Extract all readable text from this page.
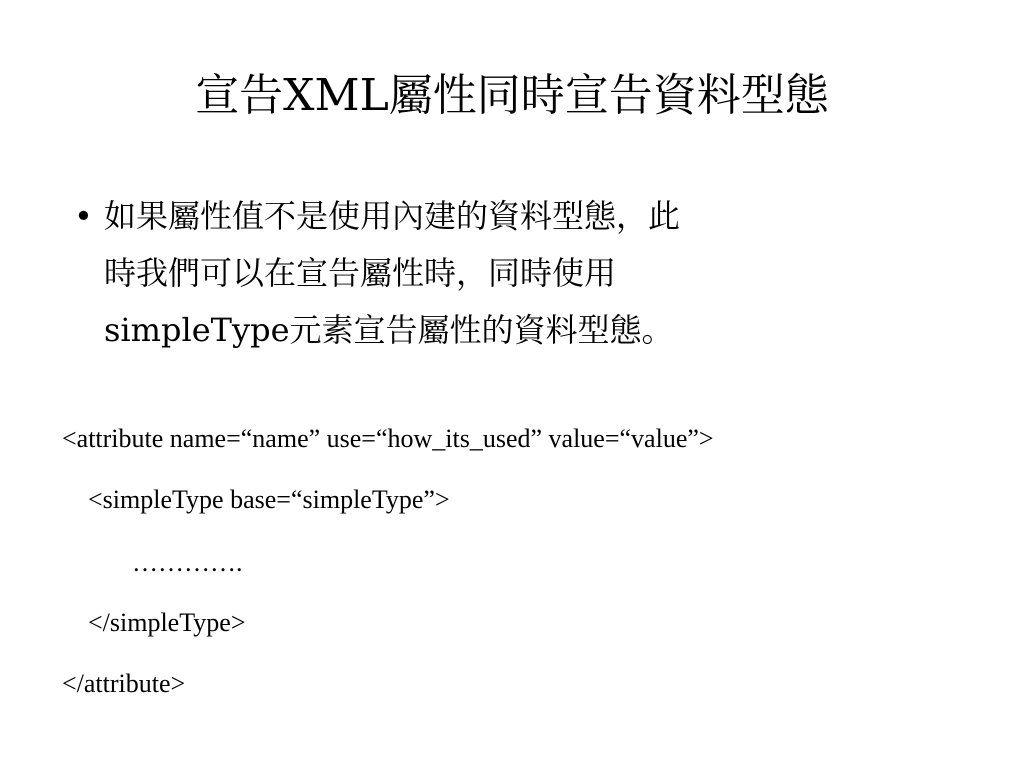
宣告XML屬性同時宣告資料型態
• 如果屬性值不是使用內建的資料型態，此
時我們可以在宣告屬性時，同時使用
simpleType元素宣告屬性的資料型態。
<attribute name=“name” use=“how_its_used” value=“value”>
<simpleType base=“simpleType”>
………….
</simpleType>
</attribute>
